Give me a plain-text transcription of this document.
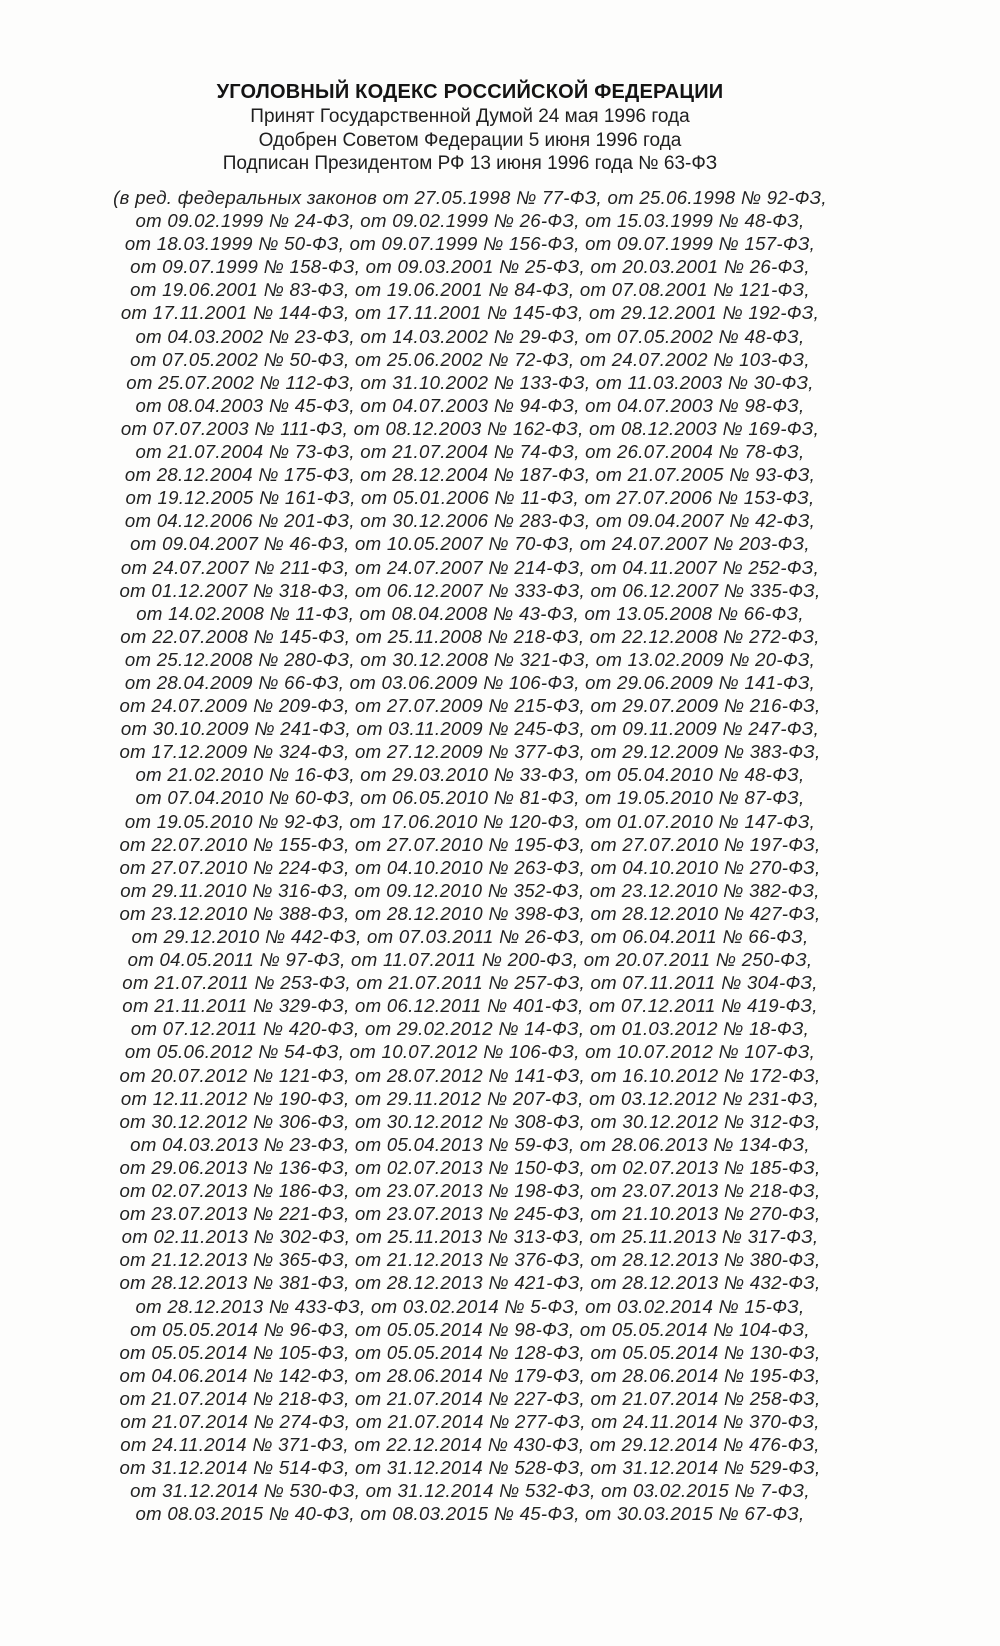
УГОЛОВНЫЙ КОДЕКС РОССИЙСКОЙ ФЕДЕРАЦИИ

Принят Государственной Думой 24 мая 1996 года

Одобрен Советом Федерации 5 июня 1996 года

Подписан Президентом РФ 13 июня 1996 года № 63-ФЗ

(в ред. федеральных законов от 27.05.1998 № 77-ФЗ, от 25.06.1998 № 92-ФЗ,

от 09.02.1999 № 24-ФЗ, от 09.02.1999 № 26-ФЗ, от 15.03.1999 № 48-ФЗ,

от 18.03.1999 № 50-ФЗ, от 09.07.1999 № 156-ФЗ, от 09.07.1999 № 157-ФЗ,

от 09.07.1999 № 158-ФЗ, от 09.03.2001 № 25-ФЗ, от 20.03.2001 № 26-ФЗ,

от 19.06.2001 № 83-ФЗ, от 19.06.2001 № 84-ФЗ, от 07.08.2001 № 121-ФЗ,

от 17.11.2001 № 144-ФЗ, от 17.11.2001 № 145-ФЗ, от 29.12.2001 № 192-ФЗ,

от 04.03.2002 № 23-ФЗ, от 14.03.2002 № 29-ФЗ, от 07.05.2002 № 48-ФЗ,

от 07.05.2002 № 50-ФЗ, от 25.06.2002 № 72-ФЗ, от 24.07.2002 № 103-ФЗ,

от 25.07.2002 № 112-ФЗ, от 31.10.2002 № 133-ФЗ, от 11.03.2003 № 30-ФЗ,

от 08.04.2003 № 45-ФЗ, от 04.07.2003 № 94-ФЗ, от 04.07.2003 № 98-ФЗ,

от 07.07.2003 № 111-ФЗ, от 08.12.2003 № 162-ФЗ, от 08.12.2003 № 169-ФЗ,

от 21.07.2004 № 73-ФЗ, от 21.07.2004 № 74-ФЗ, от 26.07.2004 № 78-ФЗ,

от 28.12.2004 № 175-ФЗ, от 28.12.2004 № 187-ФЗ, от 21.07.2005 № 93-ФЗ,

от 19.12.2005 № 161-ФЗ, от 05.01.2006 № 11-ФЗ, от 27.07.2006 № 153-ФЗ,

от 04.12.2006 № 201-ФЗ, от 30.12.2006 № 283-ФЗ, от 09.04.2007 № 42-ФЗ,

от 09.04.2007 № 46-ФЗ, от 10.05.2007 № 70-ФЗ, от 24.07.2007 № 203-ФЗ,

от 24.07.2007 № 211-ФЗ, от 24.07.2007 № 214-ФЗ, от 04.11.2007 № 252-ФЗ,

от 01.12.2007 № 318-ФЗ, от 06.12.2007 № 333-ФЗ, от 06.12.2007 № 335-ФЗ,

от 14.02.2008 № 11-ФЗ, от 08.04.2008 № 43-ФЗ, от 13.05.2008 № 66-ФЗ,

от 22.07.2008 № 145-ФЗ, от 25.11.2008 № 218-ФЗ, от 22.12.2008 № 272-ФЗ,

от 25.12.2008 № 280-ФЗ, от 30.12.2008 № 321-ФЗ, от 13.02.2009 № 20-ФЗ,

от 28.04.2009 № 66-ФЗ, от 03.06.2009 № 106-ФЗ, от 29.06.2009 № 141-ФЗ,

от 24.07.2009 № 209-ФЗ, от 27.07.2009 № 215-ФЗ, от 29.07.2009 № 216-ФЗ,

от 30.10.2009 № 241-ФЗ, от 03.11.2009 № 245-ФЗ, от 09.11.2009 № 247-ФЗ,

от 17.12.2009 № 324-ФЗ, от 27.12.2009 № 377-ФЗ, от 29.12.2009 № 383-ФЗ,

от 21.02.2010 № 16-ФЗ, от 29.03.2010 № 33-ФЗ, от 05.04.2010 № 48-ФЗ,

от 07.04.2010 № 60-ФЗ, от 06.05.2010 № 81-ФЗ, от 19.05.2010 № 87-ФЗ,

от 19.05.2010 № 92-ФЗ, от 17.06.2010 № 120-ФЗ, от 01.07.2010 № 147-ФЗ,

от 22.07.2010 № 155-ФЗ, от 27.07.2010 № 195-ФЗ, от 27.07.2010 № 197-ФЗ,

от 27.07.2010 № 224-ФЗ, от 04.10.2010 № 263-ФЗ, от 04.10.2010 № 270-ФЗ,

от 29.11.2010 № 316-ФЗ, от 09.12.2010 № 352-ФЗ, от 23.12.2010 № 382-ФЗ,

от 23.12.2010 № 388-ФЗ, от 28.12.2010 № 398-ФЗ, от 28.12.2010 № 427-ФЗ,

от 29.12.2010 № 442-ФЗ, от 07.03.2011 № 26-ФЗ, от 06.04.2011 № 66-ФЗ,

от 04.05.2011 № 97-ФЗ, от 11.07.2011 № 200-ФЗ, от 20.07.2011 № 250-ФЗ,

от 21.07.2011 № 253-ФЗ, от 21.07.2011 № 257-ФЗ, от 07.11.2011 № 304-ФЗ,

от 21.11.2011 № 329-ФЗ, от 06.12.2011 № 401-ФЗ, от 07.12.2011 № 419-ФЗ,

от 07.12.2011 № 420-ФЗ, от 29.02.2012 № 14-ФЗ, от 01.03.2012 № 18-ФЗ,

от 05.06.2012 № 54-ФЗ, от 10.07.2012 № 106-ФЗ, от 10.07.2012 № 107-ФЗ,

от 20.07.2012 № 121-ФЗ, от 28.07.2012 № 141-ФЗ, от 16.10.2012 № 172-ФЗ,

от 12.11.2012 № 190-ФЗ, от 29.11.2012 № 207-ФЗ, от 03.12.2012 № 231-ФЗ,

от 30.12.2012 № 306-ФЗ, от 30.12.2012 № 308-ФЗ, от 30.12.2012 № 312-ФЗ,

от 04.03.2013 № 23-ФЗ, от 05.04.2013 № 59-ФЗ, от 28.06.2013 № 134-ФЗ,

от 29.06.2013 № 136-ФЗ, от 02.07.2013 № 150-ФЗ, от 02.07.2013 № 185-ФЗ,

от 02.07.2013 № 186-ФЗ, от 23.07.2013 № 198-ФЗ, от 23.07.2013 № 218-ФЗ,

от 23.07.2013 № 221-ФЗ, от 23.07.2013 № 245-ФЗ, от 21.10.2013 № 270-ФЗ,

от 02.11.2013 № 302-ФЗ, от 25.11.2013 № 313-ФЗ, от 25.11.2013 № 317-ФЗ,

от 21.12.2013 № 365-ФЗ, от 21.12.2013 № 376-ФЗ, от 28.12.2013 № 380-ФЗ,

от 28.12.2013 № 381-ФЗ, от 28.12.2013 № 421-ФЗ, от 28.12.2013 № 432-ФЗ,

от 28.12.2013 № 433-ФЗ, от 03.02.2014 № 5-ФЗ, от 03.02.2014 № 15-ФЗ,

от 05.05.2014 № 96-ФЗ, от 05.05.2014 № 98-ФЗ, от 05.05.2014 № 104-ФЗ,

от 05.05.2014 № 105-ФЗ, от 05.05.2014 № 128-ФЗ, от 05.05.2014 № 130-ФЗ,

от 04.06.2014 № 142-ФЗ, от 28.06.2014 № 179-ФЗ, от 28.06.2014 № 195-ФЗ,

от 21.07.2014 № 218-ФЗ, от 21.07.2014 № 227-ФЗ, от 21.07.2014 № 258-ФЗ,

от 21.07.2014 № 274-ФЗ, от 21.07.2014 № 277-ФЗ, от 24.11.2014 № 370-ФЗ,

от 24.11.2014 № 371-ФЗ, от 22.12.2014 № 430-ФЗ, от 29.12.2014 № 476-ФЗ,

от 31.12.2014 № 514-ФЗ, от 31.12.2014 № 528-ФЗ, от 31.12.2014 № 529-ФЗ,

от 31.12.2014 № 530-ФЗ, от 31.12.2014 № 532-ФЗ, от 03.02.2015 № 7-ФЗ,

от 08.03.2015 № 40-ФЗ, от 08.03.2015 № 45-ФЗ, от 30.03.2015 № 67-ФЗ,
